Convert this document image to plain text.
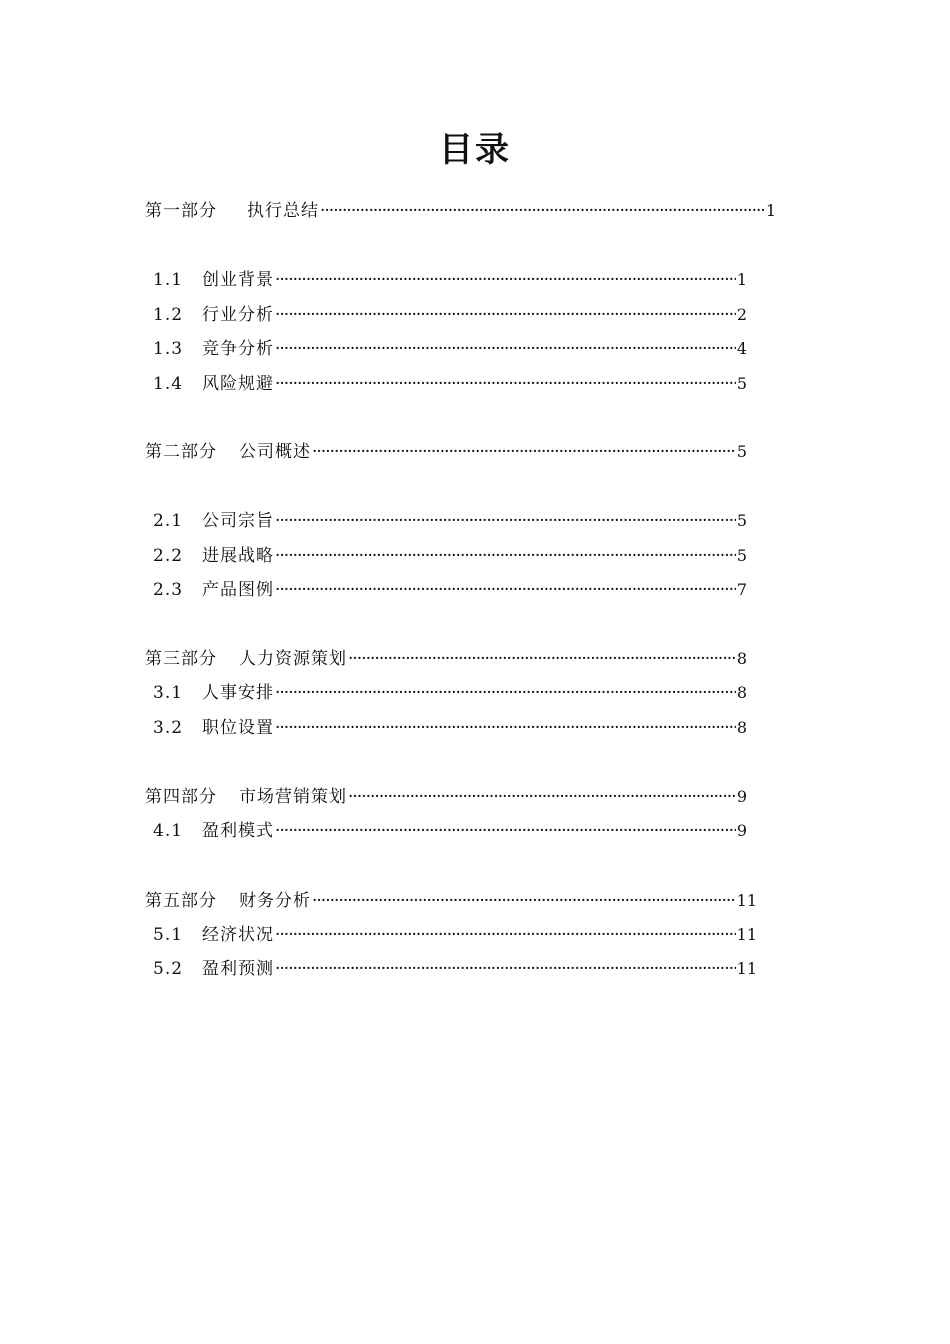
目录
第一部分 执行总结 ·····	1
1.1 创业背景 ·····	1
1.2 行业分析 ·····	2
1.3 竞争分析 ·····	4
1.4 风险规避 ·····	5
第二部分 公司概述 ·····	5
2.1 公司宗旨 ·····	5
2.2 进展战略 ·····	5
2.3 产品图例 ·····	7
第三部分 人力资源策划 ·····	8
3.1 人事安排 ·····	8
3.2 职位设置 ·····	8
第四部分 市场营销策划 ·····	9
4.1 盈利模式 ·····	9
第五部分 财务分析 ·····	11
5.1 经济状况 ·····	11
5.2 盈利预测 ·····	11
